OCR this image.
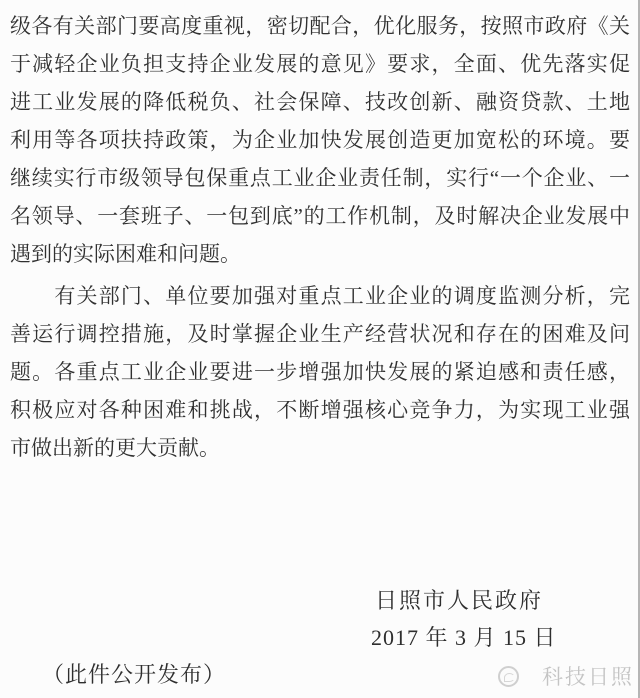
级各有关部门要高度重视，密切配合，优化服务，按照市政府《关
于减轻企业负担支持企业发展的意见》要求，全面、优先落实促
进工业发展的降低税负、社会保障、技改创新、融资贷款、土地
利用等各项扶持政策，为企业加快发展创造更加宽松的环境。要
继续实行市级领导包保重点工业企业责任制，实行“一个企业、一
名领导、一套班子、一包到底”的工作机制，及时解决企业发展中
遇到的实际困难和问题。
　　有关部门、单位要加强对重点工业企业的调度监测分析，完
善运行调控措施，及时掌握企业生产经营状况和存在的困难及问
题。各重点工业企业要进一步增强加快发展的紧迫感和责任感，
积极应对各种困难和挑战，不断增强核心竞争力，为实现工业强
市做出新的更大贡献。
日照市人民政府
2017 年 3 月 15 日
（此件公开发布）	科技日照
